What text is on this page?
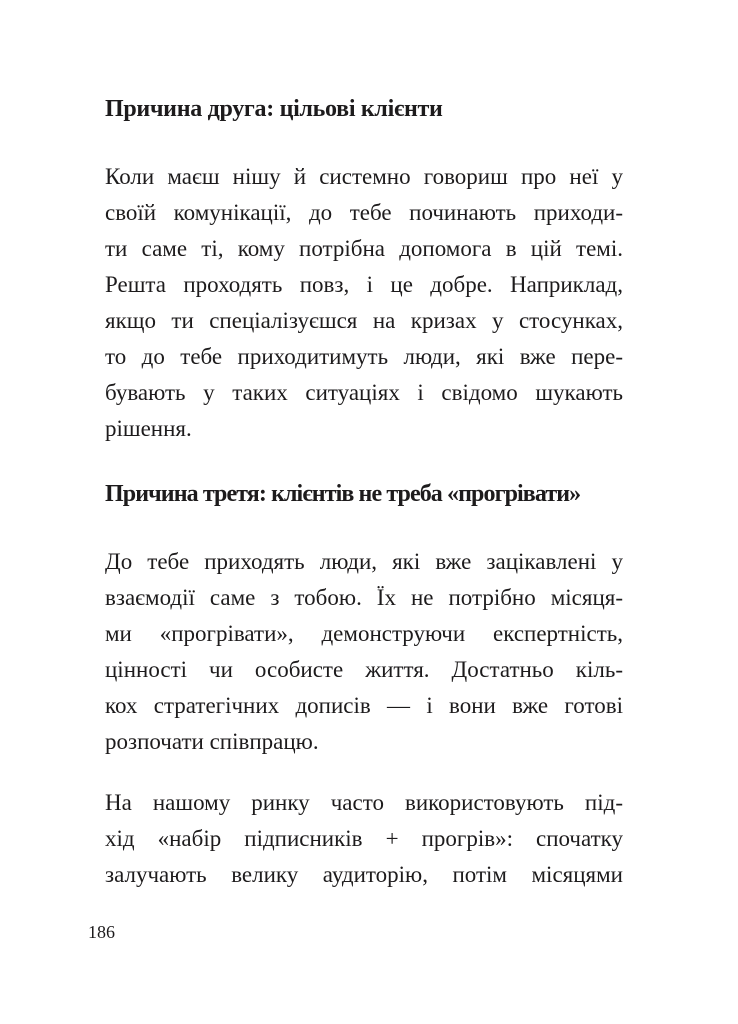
Причина друга: цільові клієнти
Коли маєш нішу й системно говориш про неї у
своїй комунікації, до тебе починають приходи-
ти саме ті, кому потрібна допомога в цій темі.
Решта проходять повз, і це добре. Наприклад,
якщо ти спеціалізуєшся на кризах у стосунках,
то до тебе приходитимуть люди, які вже пере-
бувають у таких ситуаціях і свідомо шукають
рішення.
Причина третя: клієнтів не треба «прогрівати»
До тебе приходять люди, які вже зацікавлені у
взаємодії саме з тобою. Їх не потрібно місяця-
ми «прогрівати», демонструючи експертність,
цінності чи особисте життя. Достатньо кіль-
кох стратегічних дописів — і вони вже готові
розпочати співпрацю.
На нашому ринку часто використовують під-
хід «набір підписників + прогрів»: спочатку
залучають велику аудиторію, потім місяцями
186
